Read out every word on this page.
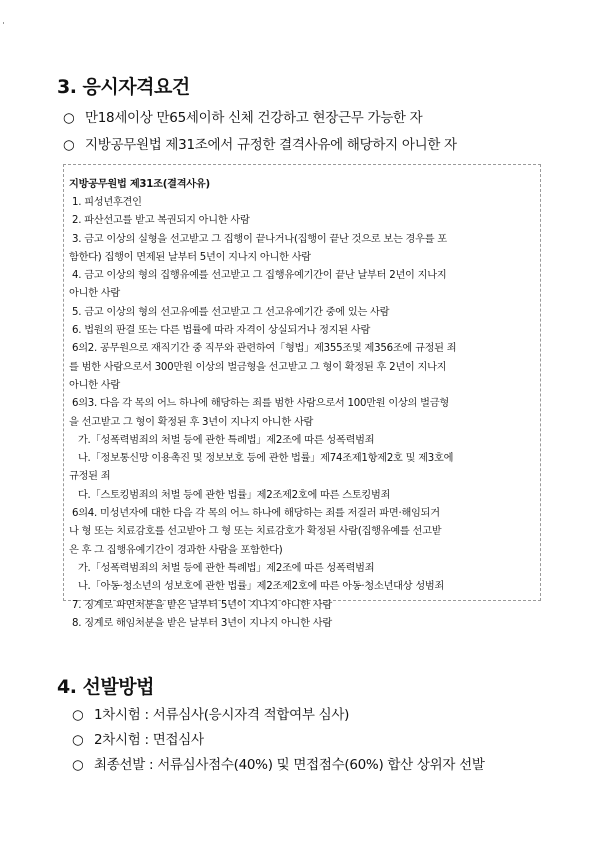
3. 응시자격요건
○ 만18세이상 만65세이하 신체 건강하고 현장근무 가능한 자
○ 지방공무원법 제31조에서 규정한 결격사유에 해당하지 아니한 자
지방공무원법 제31조(결격사유)
1. 피성년후견인
2. 파산선고를 받고 복권되지 아니한 사람
3. 금고 이상의 실형을 선고받고 그 집행이 끝나거나(집행이 끝난 것으로 보는 경우를 포
함한다) 집행이 면제된 날부터 5년이 지나지 아니한 사람
4. 금고 이상의 형의 집행유예를 선고받고 그 집행유예기간이 끝난 날부터 2년이 지나지
아니한 사람
5. 금고 이상의 형의 선고유예를 선고받고 그 선고유예기간 중에 있는 사람
6. 법원의 판결 또는 다른 법률에 따라 자격이 상실되거나 정지된 사람
6의2. 공무원으로 재직기간 중 직무와 관련하여「형법」제355조및 제356조에 규정된 죄
를 범한 사람으로서 300만원 이상의 벌금형을 선고받고 그 형이 확정된 후 2년이 지나지
아니한 사람
6의3. 다음 각 목의 어느 하나에 해당하는 죄를 범한 사람으로서 100만원 이상의 벌금형
을 선고받고 그 형이 확정된 후 3년이 지나지 아니한 사람
가.「성폭력범죄의 처벌 등에 관한 특례법」제2조에 따른 성폭력범죄
나.「정보통신망 이용촉진 및 정보보호 등에 관한 법률」제74조제1항제2호 및 제3호에
규정된 죄
다.「스토킹범죄의 처벌 등에 관한 법률」제2조제2호에 따른 스토킹범죄
6의4. 미성년자에 대한 다음 각 목의 어느 하나에 해당하는 죄를 저질러 파면·해임되거
나 형 또는 치료감호를 선고받아 그 형 또는 치료감호가 확정된 사람(집행유예를 선고받
은 후 그 집행유예기간이 경과한 사람을 포함한다)
가.「성폭력범죄의 처벌 등에 관한 특례법」제2조에 따른 성폭력범죄
나.「아동·청소년의 성보호에 관한 법률」제2조제2호에 따른 아동·청소년대상 성범죄
7. 징계로 파면처분을 받은 날부터 5년이 지나지 아니한 사람
8. 징계로 해임처분을 받은 날부터 3년이 지나지 아니한 사람
4. 선발방법
○ 1차시험 : 서류심사(응시자격 적합여부 심사)
○ 2차시험 : 면접심사
○ 최종선발 : 서류심사점수(40%) 및 면접점수(60%) 합산 상위자 선발
